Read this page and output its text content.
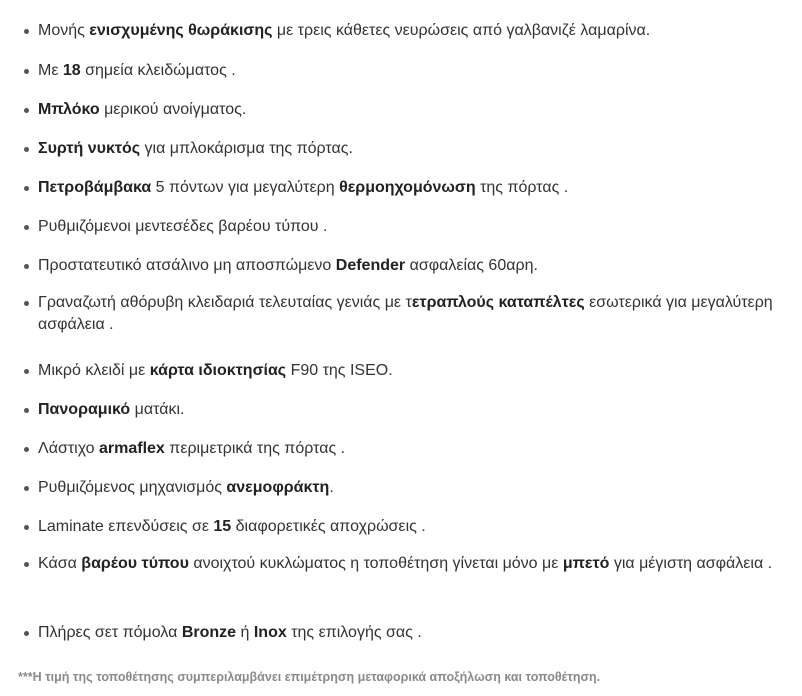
Μονής ενισχυμένης θωράκισης με τρεις κάθετες νευρώσεις από γαλβανιζέ λαμαρίνα.
Με 18 σημεία κλειδώματος .
Μπλόκο μερικού ανοίγματος.
Συρτή νυκτός για μπλοκάρισμα της πόρτας.
Πετροβάμβακα 5 πόντων για μεγαλύτερη θερμοηχομόνωση της πόρτας .
Ρυθμιζόμενοι μεντεσέδες βαρέου τύπου .
Προστατευτικό ατσάλινο μη αποσπώμενο Defender ασφαλείας 60αρη.
Γραναζωτή αθόρυβη κλειδαριά τελευταίας γενιάς με τετραπλούς καταπέλτες εσωτερικά για μεγαλύτερη ασφάλεια .
Μικρό κλειδί με κάρτα ιδιοκτησίας F90 της ISEO.
Πανοραμικό ματάκι.
Λάστιχο armaflex περιμετρικά της πόρτας .
Ρυθμιζόμενος μηχανισμός ανεμοφράκτη.
Laminate επενδύσεις σε 15 διαφορετικές αποχρώσεις .
Κάσα βαρέου τύπου ανοιχτού κυκλώματος η τοποθέτηση γίνεται μόνο με μπετό για μέγιστη ασφάλεια .
Πλήρες σετ πόμολα Bronze ή Inox της επιλογής σας .
***Η τιμή της τοποθέτησης συμπεριλαμβάνει επιμέτρηση μεταφορικά αποξήλωση και τοποθέτηση.
